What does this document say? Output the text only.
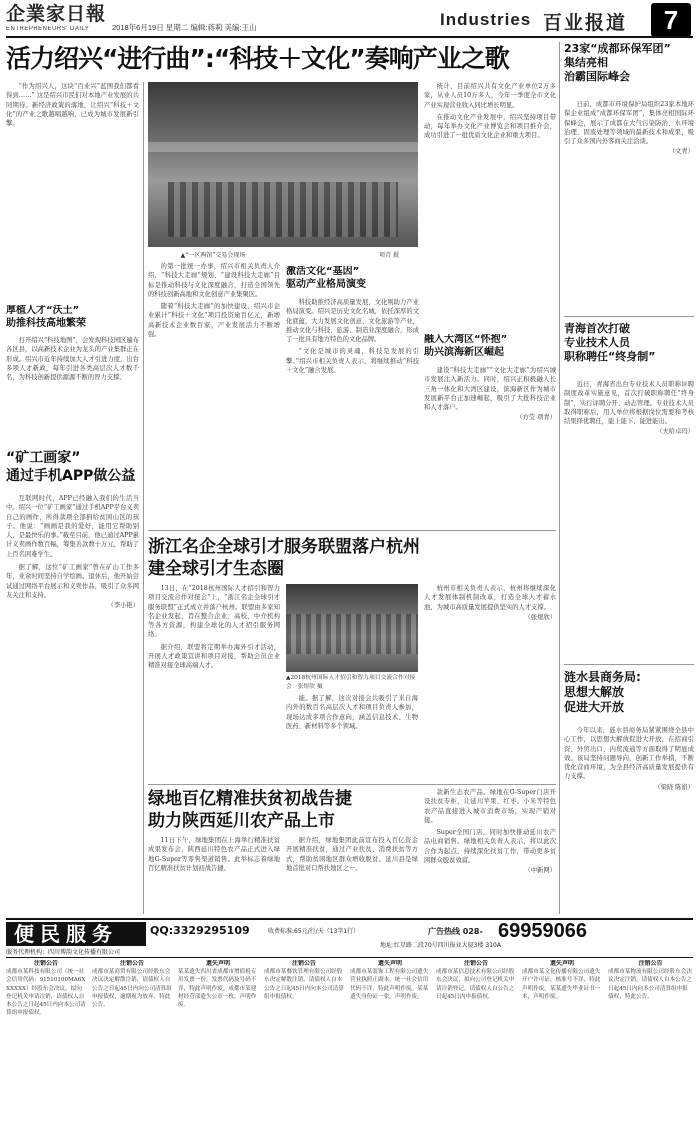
企業家日報
ENTREPRENEURS' DAILY	2018年6月19日 星期二 编辑:蒋莉 美编:王山	Industries 百业报道	7
活力绍兴“进行曲”:“科技＋文化”奏响产业之歌
“作为绍兴人，这块“百业兴”蓝图我们都看得到……” 这是绍兴市民们对本地产业发展的共同期待。新经济政策的落地，让绍兴“科技＋文化”的产业之歌越唱越响，已成为城市发展新引擎。
厚植人才“沃土”
助推科技高地繁荣
打开绍兴“科技地图”，会发现科技园区遍布各区县，以高新技术企业为龙头的产业集群正在形成。绍兴市近年持续加大人才引进力度，出台多项人才新政，每年引进各类高层次人才数千名，为科技创新提供源源不断的智力支撑。
“矿工画家”
通过手机APP做公益
互联网时代，APP已经融入我们的生活当中。绍兴一位“矿工画家”通过手机APP平台义卖自己的画作，所得款项全部捐给贫困山区的孩子。他说：“画画是我的爱好，能用它帮助别人，是最快乐的事。”截至目前，他已通过APP累计义卖画作数百幅，筹集善款数十万元，帮助了上百名困难学生。
据了解，这位“矿工画家”曾在矿山工作多年，业余时间坚持自学绘画。退休后，他开始尝试通过网络平台展示和义卖作品，吸引了众多网友关注和支持。
（李小艳）
▲“一区两馆”交易会现场	项青 摄
的第一批统一办事，绍兴市相关负责人介绍，“科技大走廊”规划、“建设科技大走廊”目标是推动科技与文化深度融合，打造全国领先的科技创新高地和文化创意产业集聚区。
随着“科技大走廊”的加快建设，绍兴市企业累计“科技＋文化”项目投资逾百亿元，新增高新技术企业数百家，产业发展活力不断增强。
激活文化“基因”
驱动产业格局演变
科技助推经济高质量发展，文化则助力产业格局演变。绍兴是历史文化名城，依托深厚的文化底蕴，大力发展文化创意、文化旅游等产业，推动文化与科技、旅游、制造业深度融合，形成了一批具有地方特色的文化品牌。
“文化是城市的灵魂，科技是发展的引擎。”绍兴市相关负责人表示，将继续推动“科技＋文化”融合发展。
统计，目前绍兴共有文化产业单位2万多家，从业人员10万多人，今年一季度全市文化产业实现营业收入同比增长明显。
在推动文化产业发展中，绍兴坚持项目带动，每年举办文化产业博览会和项目推介会，成功引进了一批优质文化企业和重大项目。
融入大湾区“怀抱”
助兴滨海新区崛起
建设“科技大走廊”“文化大走廊”为绍兴城市发展注入新活力。同时，绍兴正积极融入长三角一体化和大湾区建设，滨海新区作为城市发展新平台正加速崛起，吸引了大批科技企业和人才落户。
（方莹 项青）
浙江名企全球引才服务联盟落户杭州
建全球引才生态圈
13日，在“2018杭州国际人才招引和智力项目交流合作对接会”上，“浙江名企全球引才服务联盟”正式成立并落户杭州。联盟由多家知名企业发起，旨在整合企业、高校、中介机构等各方资源，构建全球化的人才招引服务网络。
据介绍，联盟将定期举办海外引才活动，开展人才政策宣讲和项目对接，帮助会员企业精准对接全球高端人才。
▲2018杭州国际人才招引和智力项目交流合作对接会　张煜欣 摄
能。据了解，这次对接会共吸引了来自海内外的数百名高层次人才和项目负责人参加，现场达成多项合作意向，涵盖信息技术、生物医药、新材料等多个领域。
杭州市相关负责人表示，杭州将继续深化人才发展体制机制改革，打造全球人才蓄水池，为城市高质量发展提供坚实的人才支撑。
（张煜欣）
绿地百亿精准扶贫初战告捷
助力陕西延川农产品上市
11日下午，绿地集团在上海举行精准扶贫成果发布会，陕西延川特色农产品正式进入绿地G-Super等零售渠道销售。此举标志着绿地百亿精准扶贫计划初战告捷。
据介绍，绿地集团此前宣布投入百亿资金开展精准扶贫，通过产业扶贫、消费扶贫等方式，帮助贫困地区群众增收脱贫。延川县是绿地首批对口帮扶地区之一。
款新生态农产品。绿地在G-Super门店开设扶贫专柜，让延川苹果、红枣、小米等特色农产品直接进入城市消费市场，实现产销对接。
Super全国门店，同时加快推动延川农产品电商销售。绿地相关负责人表示，将以此次合作为起点，持续深化扶贫工作，带动更多贫困群众脱贫致富。
（中新网）
23家“成都环保军团”
集结亮相
治霸国际峰会
日前，成都市环境保护局组织23家本地环保企业组成“成都环保军团”，集体亮相国际环保峰会，展示了成都在大气污染防治、水环境治理、固废处理等领域的最新技术和成果，吸引了众多国内外客商关注洽谈。
（文青）
青海首次打破
专业技术人员
职称聘任“终身制”
近日，青海省出台专业技术人员职称评聘制度改革实施意见，首次打破职称聘任“终身制”，实行评聘分开、动态管理。专业技术人员取得职称后，用人单位将根据岗位需要和考核结果择优聘任，能上能下、能进能出。
（夫哈卓玛）
涟水县商务局:
思想大解放
促进大开放
今年以来，涟水县商务局紧紧围绕全县中心工作，以思想大解放促进大开放，在招商引资、外贸出口、内贸流通等方面取得了明显成效。该局坚持问题导向，创新工作举措，不断优化营商环境，为全县经济高质量发展提供有力支撑。
（梁晓 陈娟）
便民服务	QQ:3329295109	收费标准:65元/行/天（13字1行）	广告热线 028- 69959066
服务代理机构：四川博韵文化传播有限公司
地址:红星路二段70号四川报业大厦3楼 310A
注销公告
成都市某科技有限公司（统一社会信用代码：91510100MA6XXXXXX）经股东会决议，拟向登记机关申请注销，请债权人自本公告之日起45日内向本公司清算组申报债权。
注销公告
成都市某商贸有限公司经股东会决议决定解散注销，请债权人自公告之日起45日内向公司清算组申报债权，逾期视为放弃。特此公告。
遗失声明
某某遗失四川省成都市增值税专用发票一份，发票代码及号码不详，特此声明作废。成都市某建材经营部遗失公章一枚，声明作废。
注销公告
成都市某餐饮管理有限公司经股东决定解散注销，请债权人自本公告之日起45日内向本公司清算组申报债权。
遗失声明
成都市某装饰工程有限公司遗失营业执照正副本，统一社会信用代码不详，特此声明作废。某某遗失身份证一张，声明作废。
注销公告
成都市某信息技术有限公司经股东会决议，拟向公司登记机关申请注销登记，请债权人自公告之日起45日内申报债权。
遗失声明
成都市某文化传播有限公司遗失开户许可证，核准号不详，特此声明作废。某某遗失毕业证书一本，声明作废。
注销公告
成都市某物流有限公司经股东会决议决定注销，请债权人自本公告之日起45日内向本公司清算组申报债权，特此公告。
